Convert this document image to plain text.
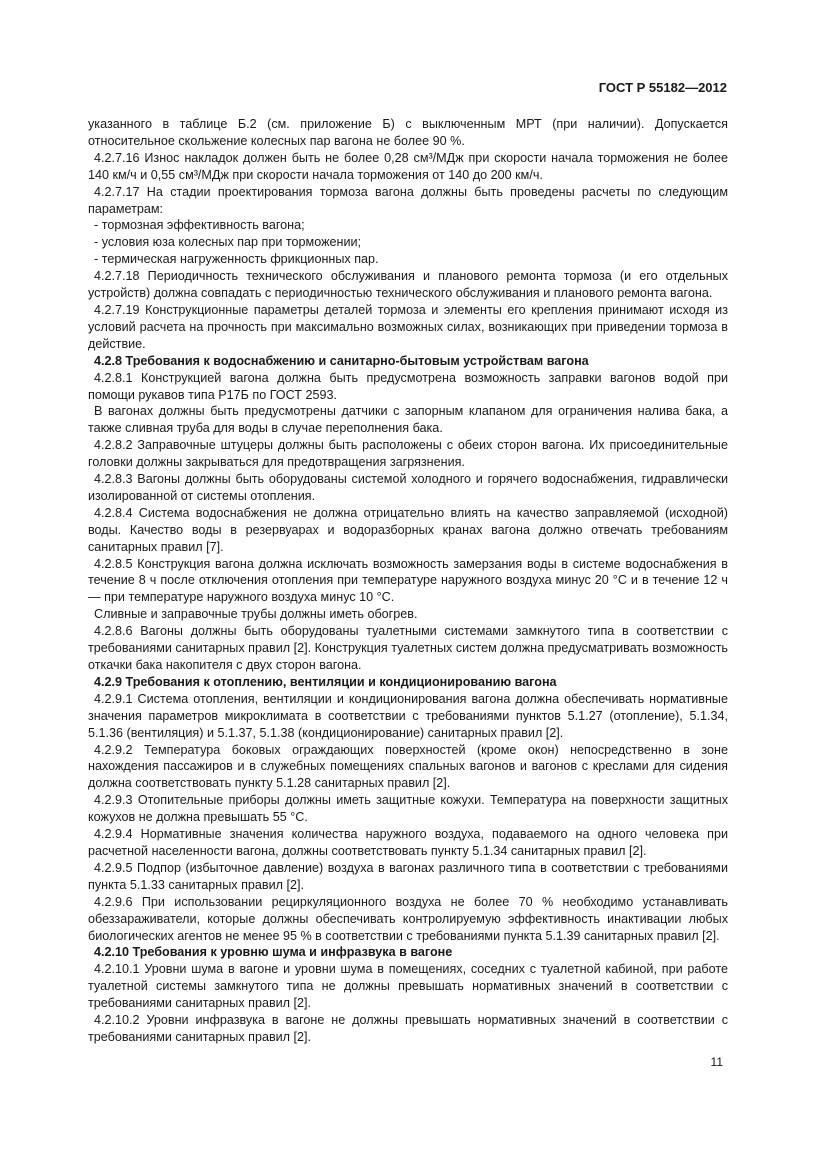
ГОСТ Р 55182—2012

указанного в таблице Б.2 (см. приложение Б) с выключенным МРТ (при наличии). Допускается относительное скольжение колесных пар вагона не более 90 %.

4.2.7.16 Износ накладок должен быть не более 0,28 см³/МДж при скорости начала торможения не более 140 км/ч и 0,55 см³/МДж при скорости начала торможения от 140 до 200 км/ч.

4.2.7.17 На стадии проектирования тормоза вагона должны быть проведены расчеты по следующим параметрам:

- тормозная эффективность вагона;

- условия юза колесных пар при торможении;

- термическая нагруженность фрикционных пар.

4.2.7.18 Периодичность технического обслуживания и планового ремонта тормоза (и его отдельных устройств) должна совпадать с периодичностью технического обслуживания и планового ремонта вагона.

4.2.7.19 Конструкционные параметры деталей тормоза и элементы его крепления принимают исходя из условий расчета на прочность при максимально возможных силах, возникающих при приведении тормоза в действие.

4.2.8 Требования к водоснабжению и санитарно-бытовым устройствам вагона

4.2.8.1 Конструкцией вагона должна быть предусмотрена возможность заправки вагонов водой при помощи рукавов типа Р17Б по ГОСТ 2593.

В вагонах должны быть предусмотрены датчики с запорным клапаном для ограничения налива бака, а также сливная труба для воды в случае переполнения бака.

4.2.8.2 Заправочные штуцеры должны быть расположены с обеих сторон вагона. Их присоединительные головки должны закрываться для предотвращения загрязнения.

4.2.8.3 Вагоны должны быть оборудованы системой холодного и горячего водоснабжения, гидравлически изолированной от системы отопления.

4.2.8.4 Система водоснабжения не должна отрицательно влиять на качество заправляемой (исходной) воды. Качество воды в резервуарах и водоразборных кранах вагона должно отвечать требованиям санитарных правил [7].

4.2.8.5 Конструкция вагона должна исключать возможность замерзания воды в системе водоснабжения в течение 8 ч после отключения отопления при температуре наружного воздуха минус 20 °С и в течение 12 ч — при температуре наружного воздуха минус 10 °С.

Сливные и заправочные трубы должны иметь обогрев.

4.2.8.6 Вагоны должны быть оборудованы туалетными системами замкнутого типа в соответствии с требованиями санитарных правил [2]. Конструкция туалетных систем должна предусматривать возможность откачки бака накопителя с двух сторон вагона.

4.2.9 Требования к отоплению, вентиляции и кондиционированию вагона

4.2.9.1 Система отопления, вентиляции и кондиционирования вагона должна обеспечивать нормативные значения параметров микроклимата в соответствии с требованиями пунктов 5.1.27 (отопление), 5.1.34, 5.1.36 (вентиляция) и 5.1.37, 5.1.38 (кондиционирование) санитарных правил [2].

4.2.9.2 Температура боковых ограждающих поверхностей (кроме окон) непосредственно в зоне нахождения пассажиров и в служебных помещениях спальных вагонов и вагонов с креслами для сидения должна соответствовать пункту 5.1.28 санитарных правил [2].

4.2.9.3 Отопительные приборы должны иметь защитные кожухи. Температура на поверхности защитных кожухов не должна превышать 55 °С.

4.2.9.4 Нормативные значения количества наружного воздуха, подаваемого на одного человека при расчетной населенности вагона, должны соответствовать пункту 5.1.34 санитарных правил [2].

4.2.9.5 Подпор (избыточное давление) воздуха в вагонах различного типа в соответствии с требованиями пункта 5.1.33 санитарных правил [2].

4.2.9.6 При использовании рециркуляционного воздуха не более 70 % необходимо устанавливать обеззараживатели, которые должны обеспечивать контролируемую эффективность инактивации любых биологических агентов не менее 95 % в соответствии с требованиями пункта 5.1.39 санитарных правил [2].

4.2.10 Требования к уровню шума и инфразвука в вагоне

4.2.10.1 Уровни шума в вагоне и уровни шума в помещениях, соседних с туалетной кабиной, при работе туалетной системы замкнутого типа не должны превышать нормативных значений в соответствии с требованиями санитарных правил [2].

4.2.10.2 Уровни инфразвука в вагоне не должны превышать нормативных значений в соответствии с требованиями санитарных правил [2].

11
